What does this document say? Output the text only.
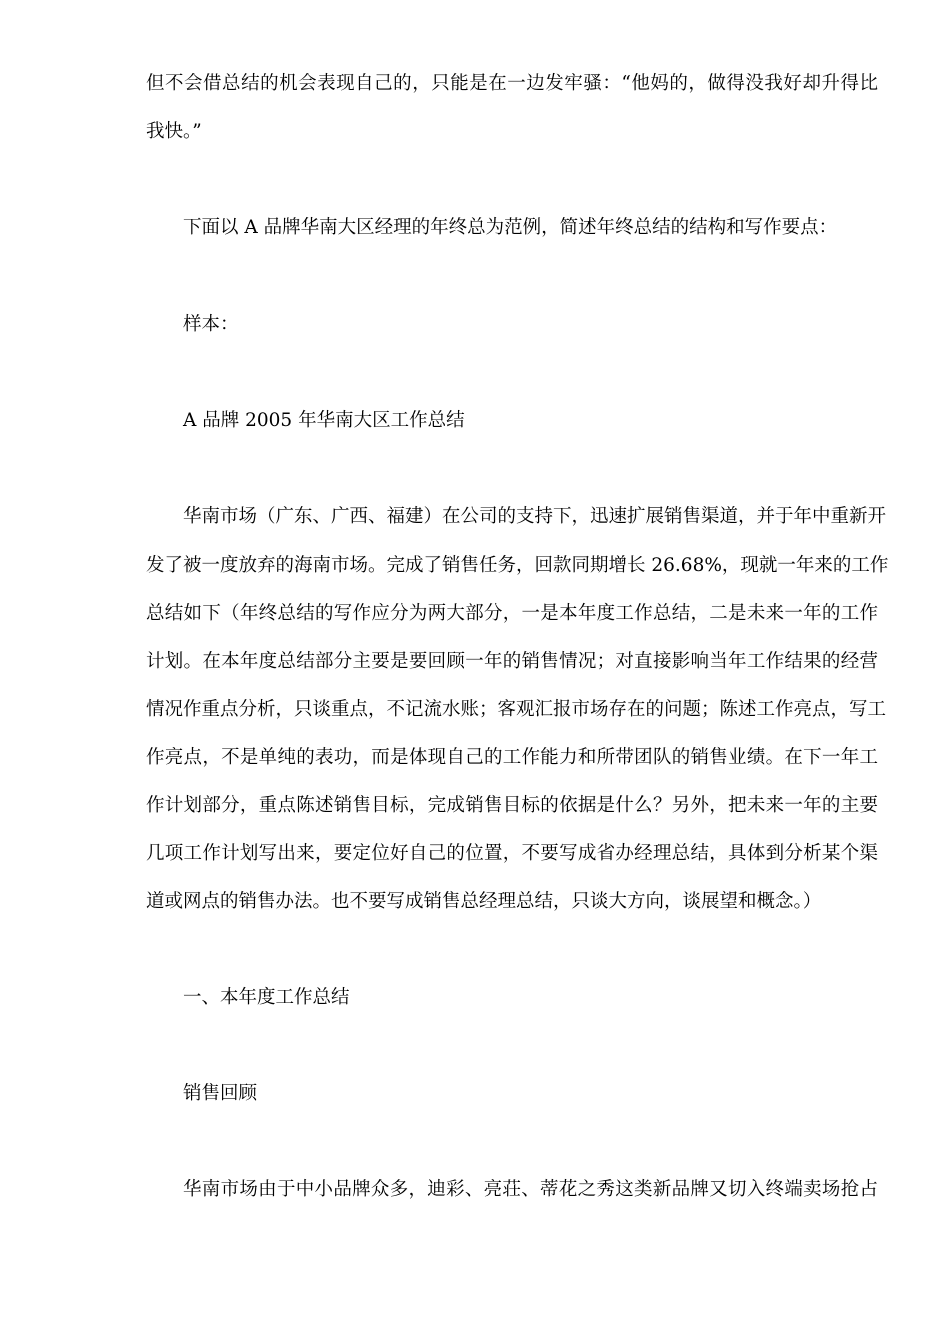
但不会借总结的机会表现自己的，只能是在一边发牢骚：“他妈的，做得没我好却升得比
我快。”
下面以 A 品牌华南大区经理的年终总为范例，简述年终总结的结构和写作要点：
样本：
A 品牌 2005 年华南大区工作总结
华南市场（广东、广西、福建）在公司的支持下，迅速扩展销售渠道，并于年中重新开
发了被一度放弃的海南市场。完成了销售任务，回款同期增长 26.68%，现就一年来的工作
总结如下（年终总结的写作应分为两大部分，一是本年度工作总结，二是未来一年的工作
计划。在本年度总结部分主要是要回顾一年的销售情况；对直接影响当年工作结果的经营
情况作重点分析，只谈重点，不记流水账；客观汇报市场存在的问题；陈述工作亮点，写工
作亮点，不是单纯的表功，而是体现自己的工作能力和所带团队的销售业绩。在下一年工
作计划部分，重点陈述销售目标，完成销售目标的依据是什么？另外，把未来一年的主要
几项工作计划写出来，要定位好自己的位置，不要写成省办经理总结，具体到分析某个渠
道或网点的销售办法。也不要写成销售总经理总结，只谈大方向，谈展望和概念。）
一、本年度工作总结
销售回顾
华南市场由于中小品牌众多，迪彩、亮荘、蒂花之秀这类新品牌又切入终端卖场抢占
